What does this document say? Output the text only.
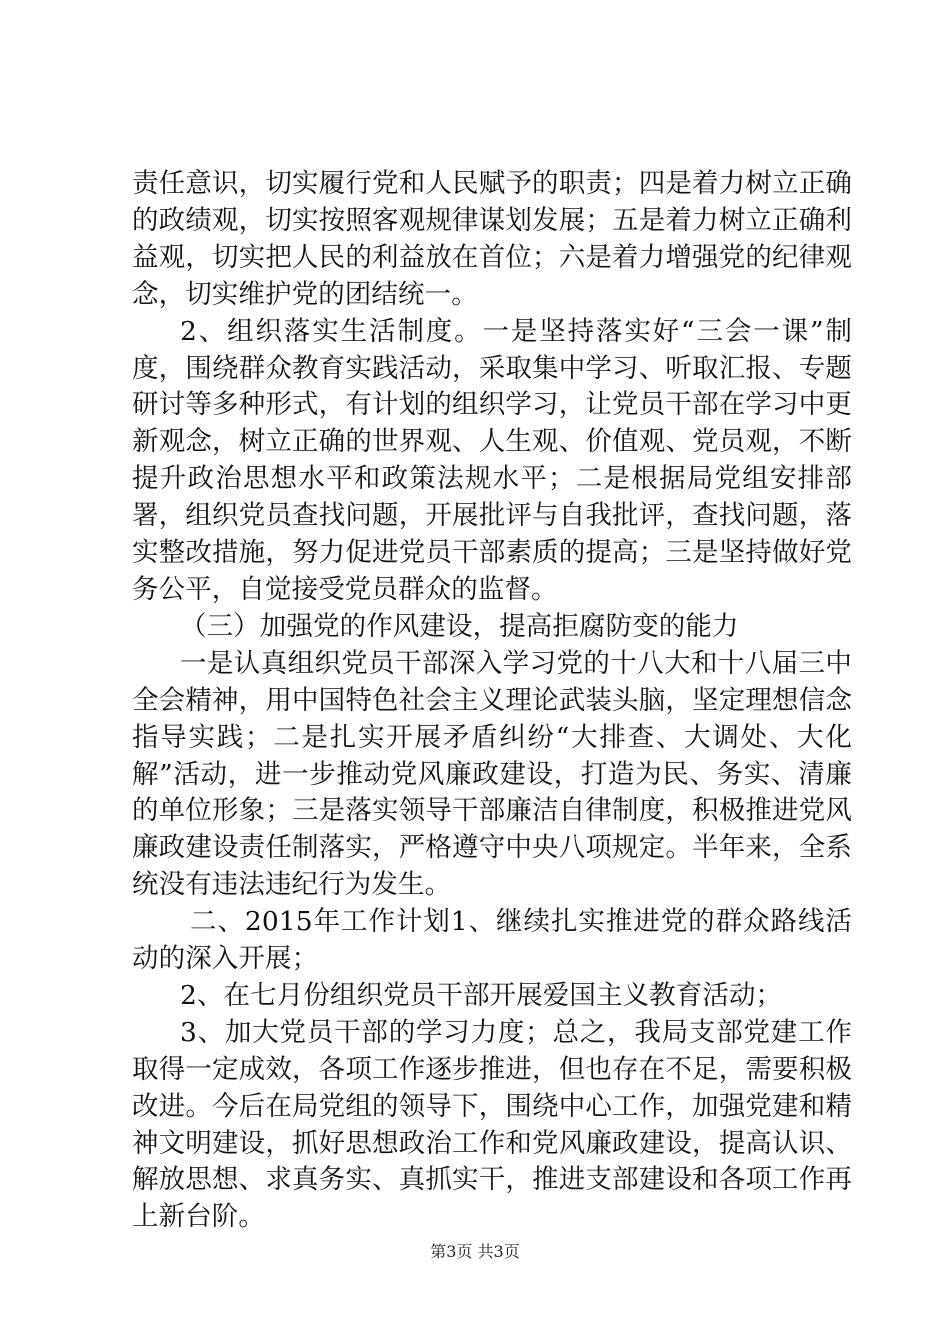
责任意识，切实履行党和人民赋予的职责；四是着力树立正确的政绩观，切实按照客观规律谋划发展；五是着力树立正确利益观，切实把人民的利益放在首位；六是着力增强党的纪律观念，切实维护党的团结统一。

2、组织落实生活制度。一是坚持落实好“三会一课”制度，围绕群众教育实践活动，采取集中学习、听取汇报、专题研讨等多种形式，有计划的组织学习，让党员干部在学习中更新观念，树立正确的世界观、人生观、价值观、党员观，不断提升政治思想水平和政策法规水平；二是根据局党组安排部署，组织党员查找问题，开展批评与自我批评，查找问题，落实整改措施，努力促进党员干部素质的提高；三是坚持做好党务公平，自觉接受党员群众的监督。

（三）加强党的作风建设，提高拒腐防变的能力

一是认真组织党员干部深入学习党的十八大和十八届三中全会精神，用中国特色社会主义理论武装头脑，坚定理想信念指导实践；二是扎实开展矛盾纠纷“大排查、大调处、大化解”活动，进一步推动党风廉政建设，打造为民、务实、清廉的单位形象；三是落实领导干部廉洁自律制度，积极推进党风廉政建设责任制落实，严格遵守中央八项规定。半年来，全系统没有违法违纪行为发生。

二、2015年工作计划1、继续扎实推进党的群众路线活动的深入开展；

2、在七月份组织党员干部开展爱国主义教育活动；

3、加大党员干部的学习力度；总之，我局支部党建工作取得一定成效，各项工作逐步推进，但也存在不足，需要积极改进。今后在局党组的领导下，围绕中心工作，加强党建和精神文明建设，抓好思想政治工作和党风廉政建设，提高认识、解放思想、求真务实、真抓实干，推进支部建设和各项工作再上新台阶。

第3页 共3页
